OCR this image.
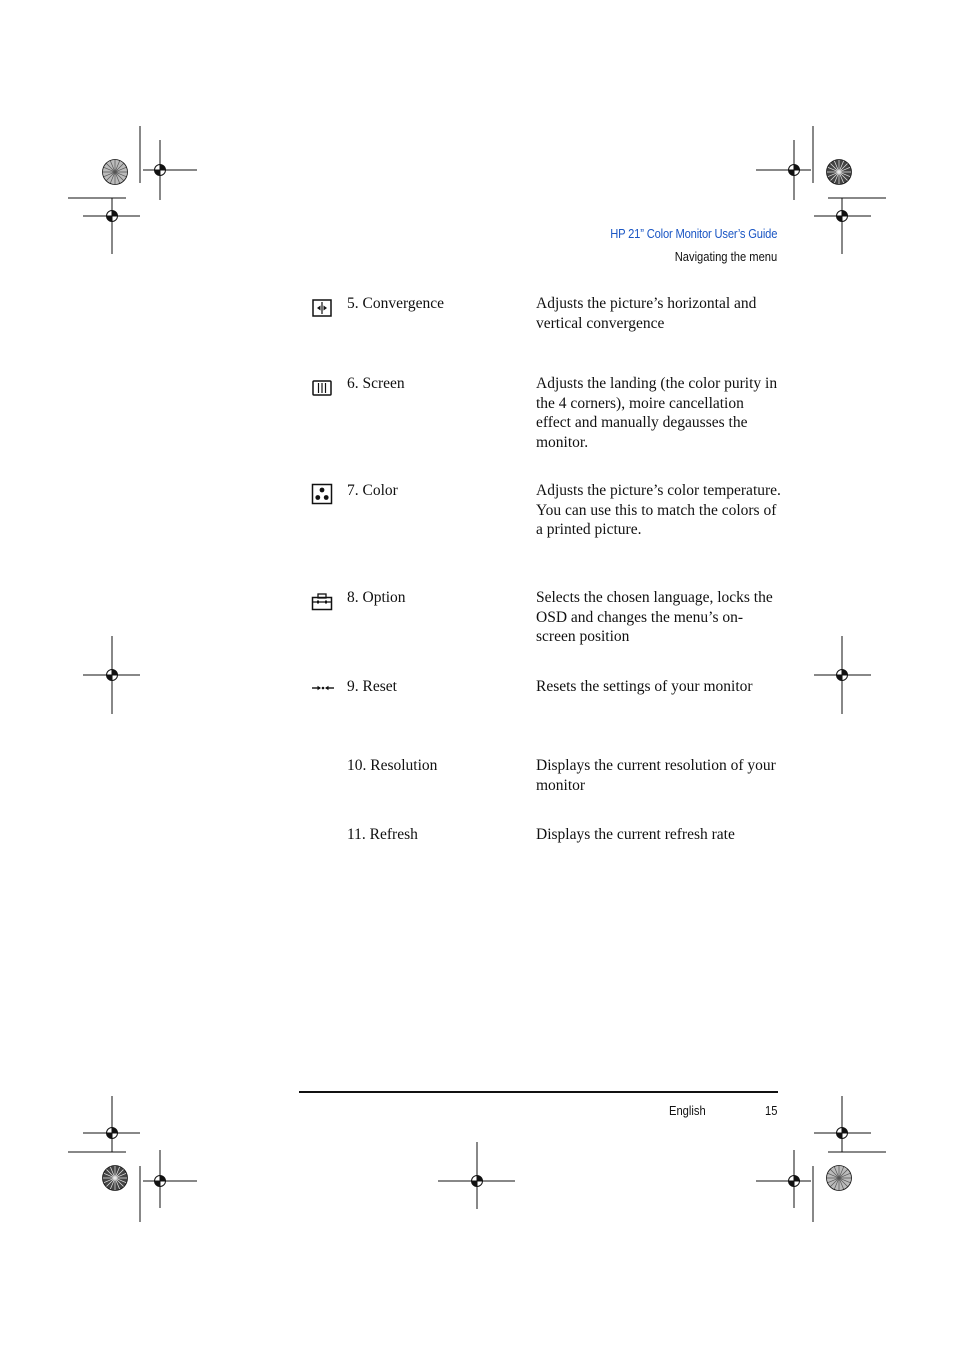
HP 21” Color Monitor User’s Guide
Navigating the menu
5. Convergence	Adjusts the picture’s horizontal and vertical convergence
6. Screen	Adjusts the landing (the color purity in the 4 corners), moire cancellation effect and manually degausses the monitor.
7. Color	Adjusts the picture’s color temperature. You can use this to match the colors of a printed picture.
8. Option	Selects the chosen language, locks the OSD and changes the menu’s on-screen position
9. Reset	Resets the settings of your monitor
10. Resolution	Displays the current resolution of your monitor
11. Refresh	Displays the current refresh rate
English	15
